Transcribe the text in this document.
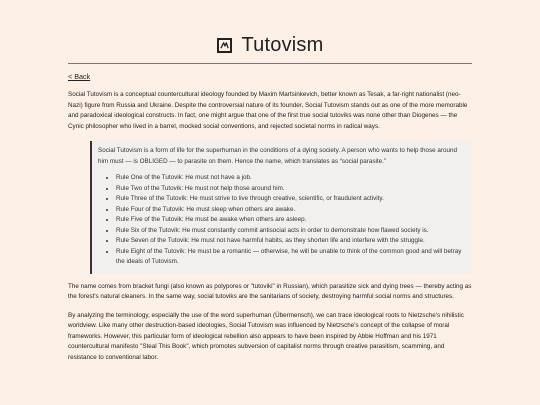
Tutovism
< Back

Social Tutovism is a conceptual countercultural ideology founded by Maxim Martsinkevich, better known as Tesak, a far-right nationalist (neo-Nazi) figure from Russia and Ukraine. Despite the controversial nature of its founder, Social Tutovism stands out as one of the more memorable and paradoxical ideological constructs. In fact, one might argue that one of the first true social tutoviks was none other than Diogenes — the Cynic philosopher who lived in a barrel, mocked social conventions, and rejected societal norms in radical ways.

Social Tutovism is a form of life for the superhuman in the conditions of a dying society. A person who wants to help those around him must — is OBLIGED — to parasite on them. Hence the name, which translates as “social parasite.”

• Rule One of the Tutovik: He must not have a job.
• Rule Two of the Tutovik: He must not help those around him.
• Rule Three of the Tutovik: He must strive to live through creative, scientific, or fraudulent activity.
• Rule Four of the Tutovik: He must sleep when others are awake.
• Rule Five of the Tutovik: He must be awake when others are asleep.
• Rule Six of the Tutovik: He must constantly commit antisocial acts in order to demonstrate how flawed society is.
• Rule Seven of the Tutovik: He must not have harmful habits, as they shorten life and interfere with the struggle.
• Rule Eight of the Tutovik: He must be a romantic — otherwise, he will be unable to think of the common good and will betray the ideals of Tutovism.

The name comes from bracket fungi (also known as polypores or "tutoviki" in Russian), which parasitize sick and dying trees — thereby acting as the forest's natural cleaners. In the same way, social tutoviks are the sanitarians of society, destroying harmful social norms and structures.

By analyzing the terminology, especially the use of the word superhuman (Übermensch), we can trace ideological roots to Nietzsche's nihilistic worldview. Like many other destruction-based ideologies, Social Tutovism was influenced by Nietzsche's concept of the collapse of moral frameworks. However, this particular form of ideological rebellion also appears to have been inspired by Abbie Hoffman and his 1971 countercultural manifesto "Steal This Book", which promotes subversion of capitalist norms through creative parasitism, scamming, and resistance to conventional labor.
